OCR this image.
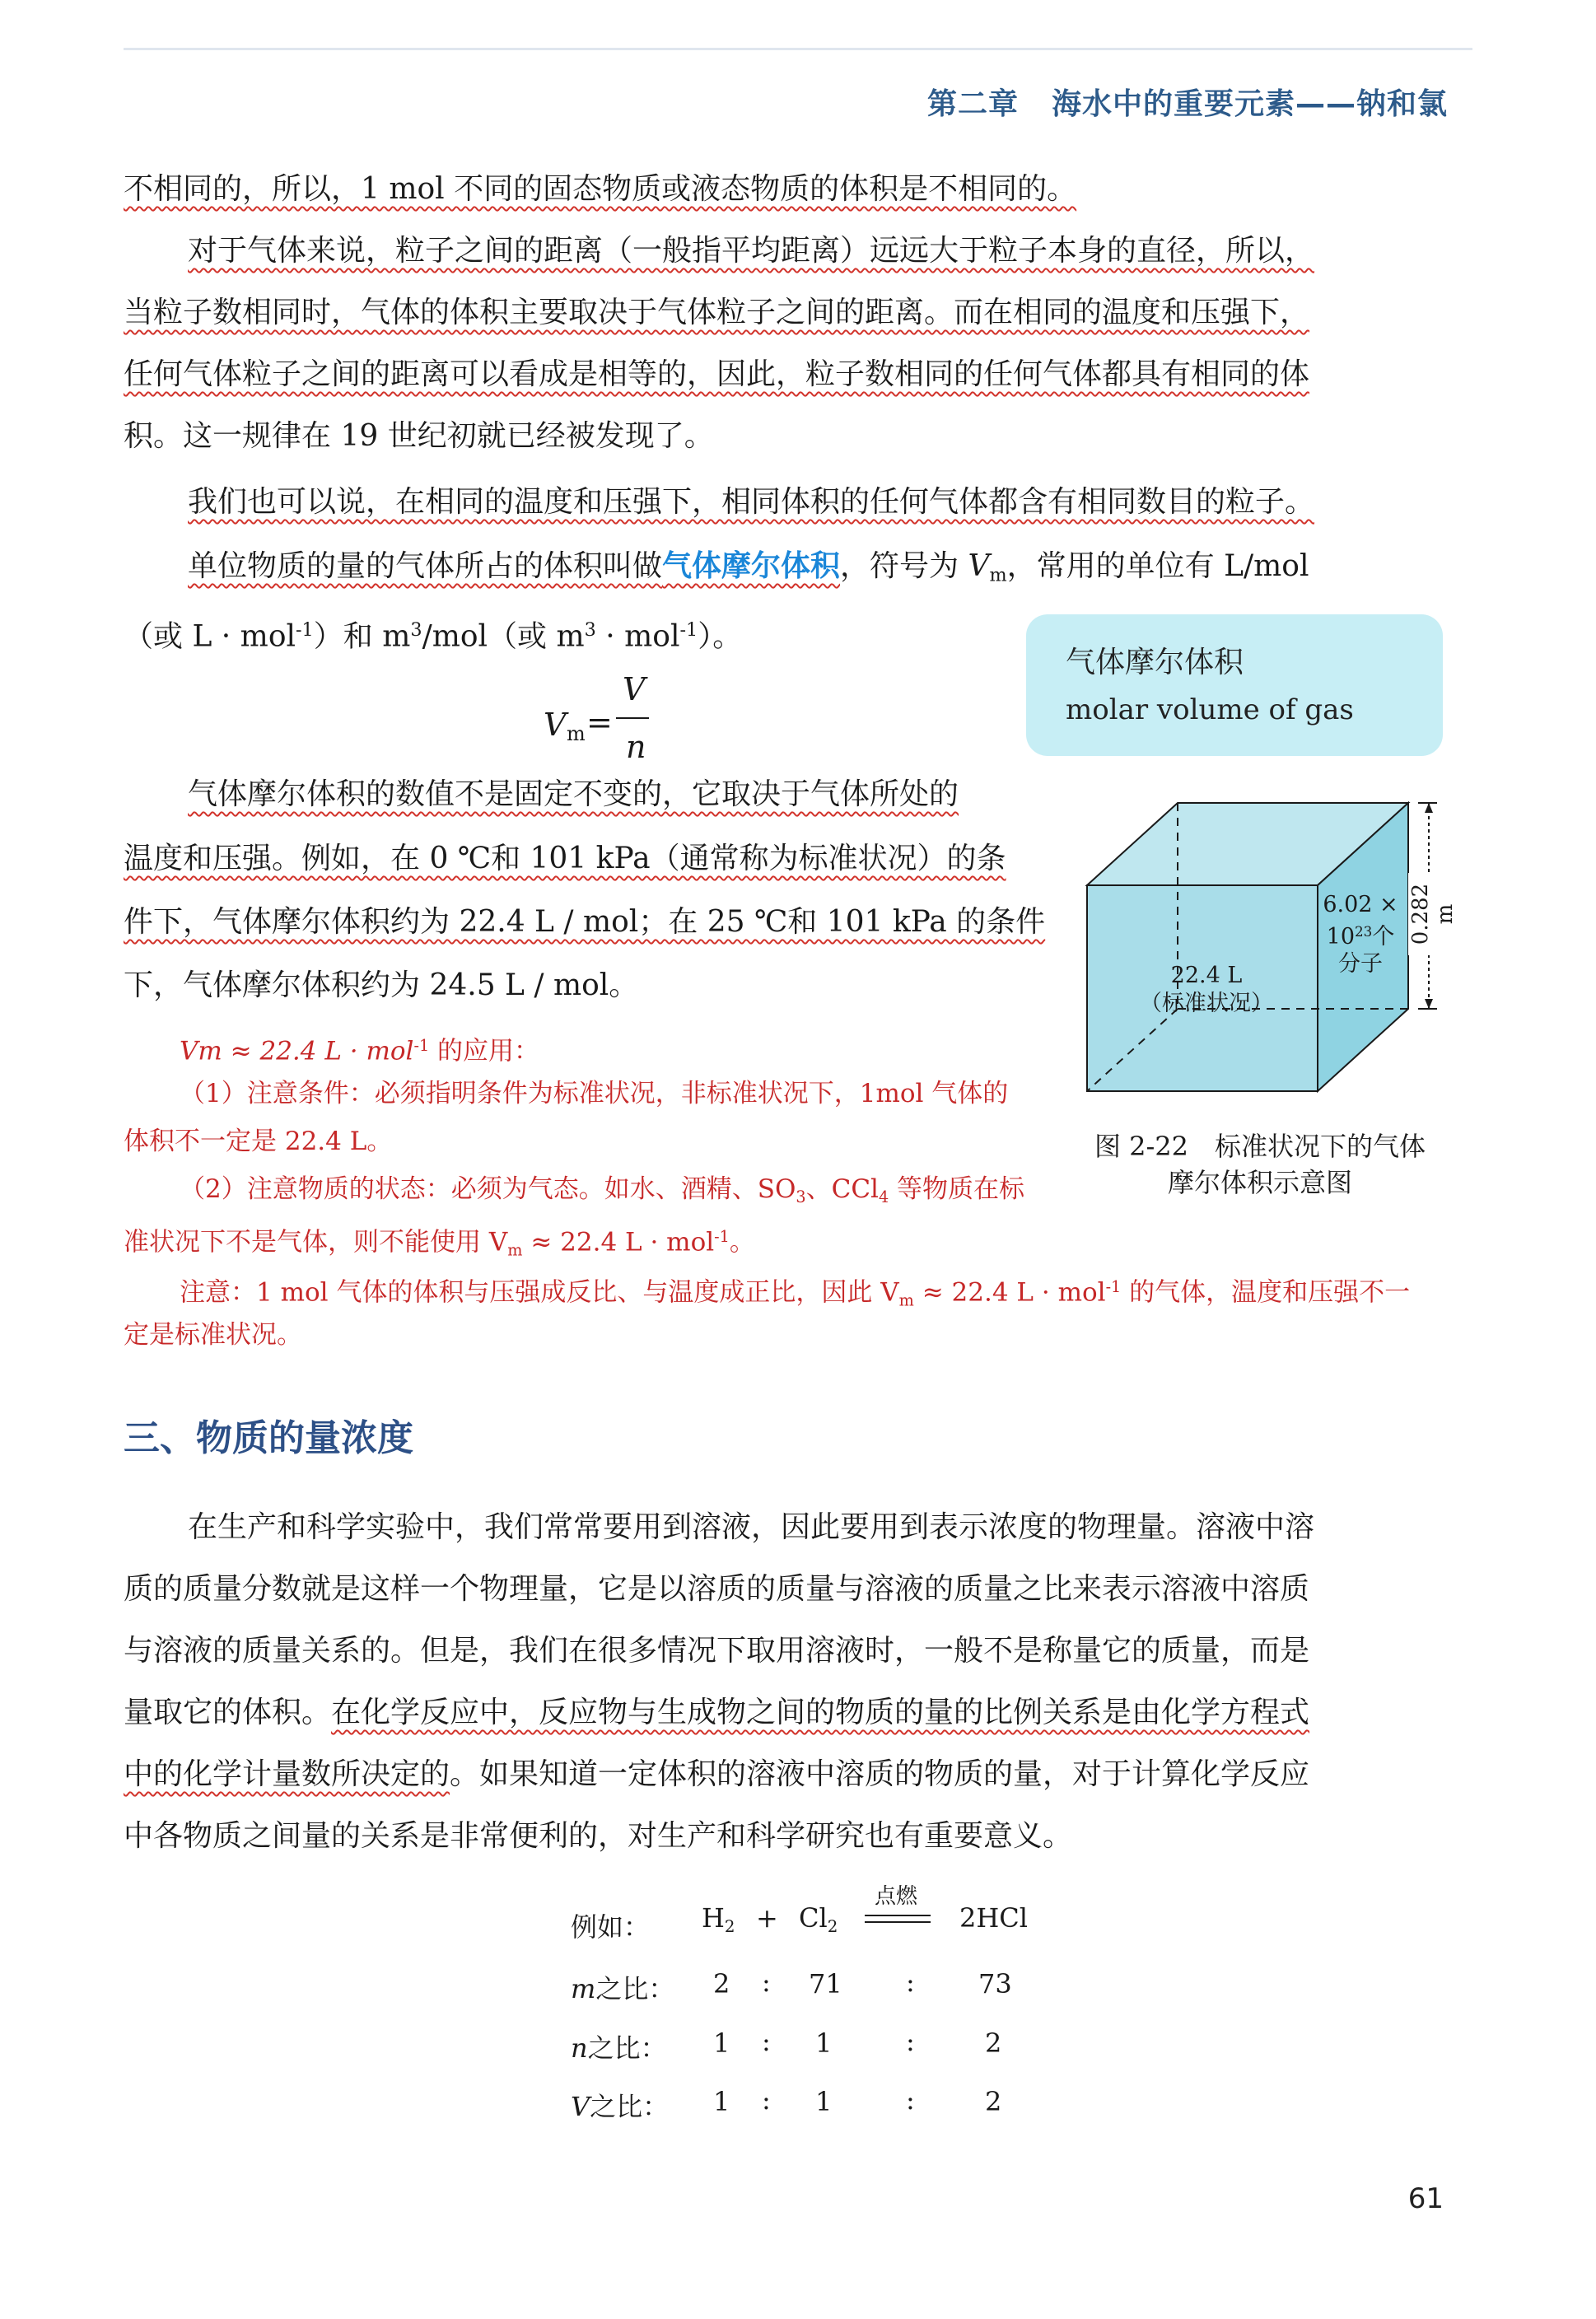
第二章 海水中的重要元素——钠和氯
不相同的，所以，1 mol 不同的固态物质或液态物质的体积是不相同的。
对于气体来说，粒子之间的距离（一般指平均距离）远远大于粒子本身的直径，所以，
当粒子数相同时，气体的体积主要取决于气体粒子之间的距离。而在相同的温度和压强下，
任何气体粒子之间的距离可以看成是相等的，因此，粒子数相同的任何气体都具有相同的体
积。这一规律在 19 世纪初就已经被发现了。
我们也可以说，在相同的温度和压强下，相同体积的任何气体都含有相同数目的粒子。
单位物质的量的气体所占的体积叫做气体摩尔体积，符号为 $V_m$，常用的单位有 L/mol
（或 L · mol$^{-1}$）和 $m^3/mol$（或 $m^3 \cdot mol^{-1}$）。
气体摩尔体积
molar volume of gas
V m =
V
n
气体摩尔体积的数值不是固定不变的，它取决于气体所处的
温度和压强。例如，在 0 ℃和 101 kPa（通常称为标准状况）的条
件下，气体摩尔体积约为 22.4 L / mol；在 25 ℃和 101 kPa 的条件
下，气体摩尔体积约为 24.5 L / mol。
6.02 ×
$10^{23}$个
分子
22.4 L
（标准状况）
0.282 m
图 2-22　标准状况下的气体
摩尔体积示意图
Vm ≈ 22.4 L · mol$^{-1}$ 的应用：
（1）注意条件：必须指明条件为标准状况，非标准状况下，1mol 气体的
体积不一定是 22.4 L。
（2）注意物质的状态：必须为气态。如水、酒精、$SO_3$、CCl$_4$ 等物质在标
准状况下不是气体，则不能使用 $V_m \approx 22.4$ L · mol$^{-1}$。
注意：1 mol 气体的体积与压强成反比、与温度成正比，因此 $V_m \approx 22.4$ L · mol$^{-1}$ 的气体，温度和压强不一
定是标准状况。
三、物质的量浓度
在生产和科学实验中，我们常常要用到溶液，因此要用到表示浓度的物理量。溶液中溶
质的质量分数就是这样一个物理量，它是以溶质的质量与溶液的质量之比来表示溶液中溶质
与溶液的质量关系的。但是，我们在很多情况下取用溶液时，一般不是称量它的质量，而是
量取它的体积。在化学反应中，反应物与生成物之间的物质的量的比例关系是由化学方程式
中的化学计量数所决定的。如果知道一定体积的溶液中溶质的物质的量，对于计算化学反应
中各物质之间量的关系是非常便利的，对生产和科学研究也有重要意义。
例如： $H_2 + Cl_2$
点燃
2HCl
m之比： 2 : 71 : 73
n之比： 1 : 1	:	2
V之比： 1 : 1	:	2
61
